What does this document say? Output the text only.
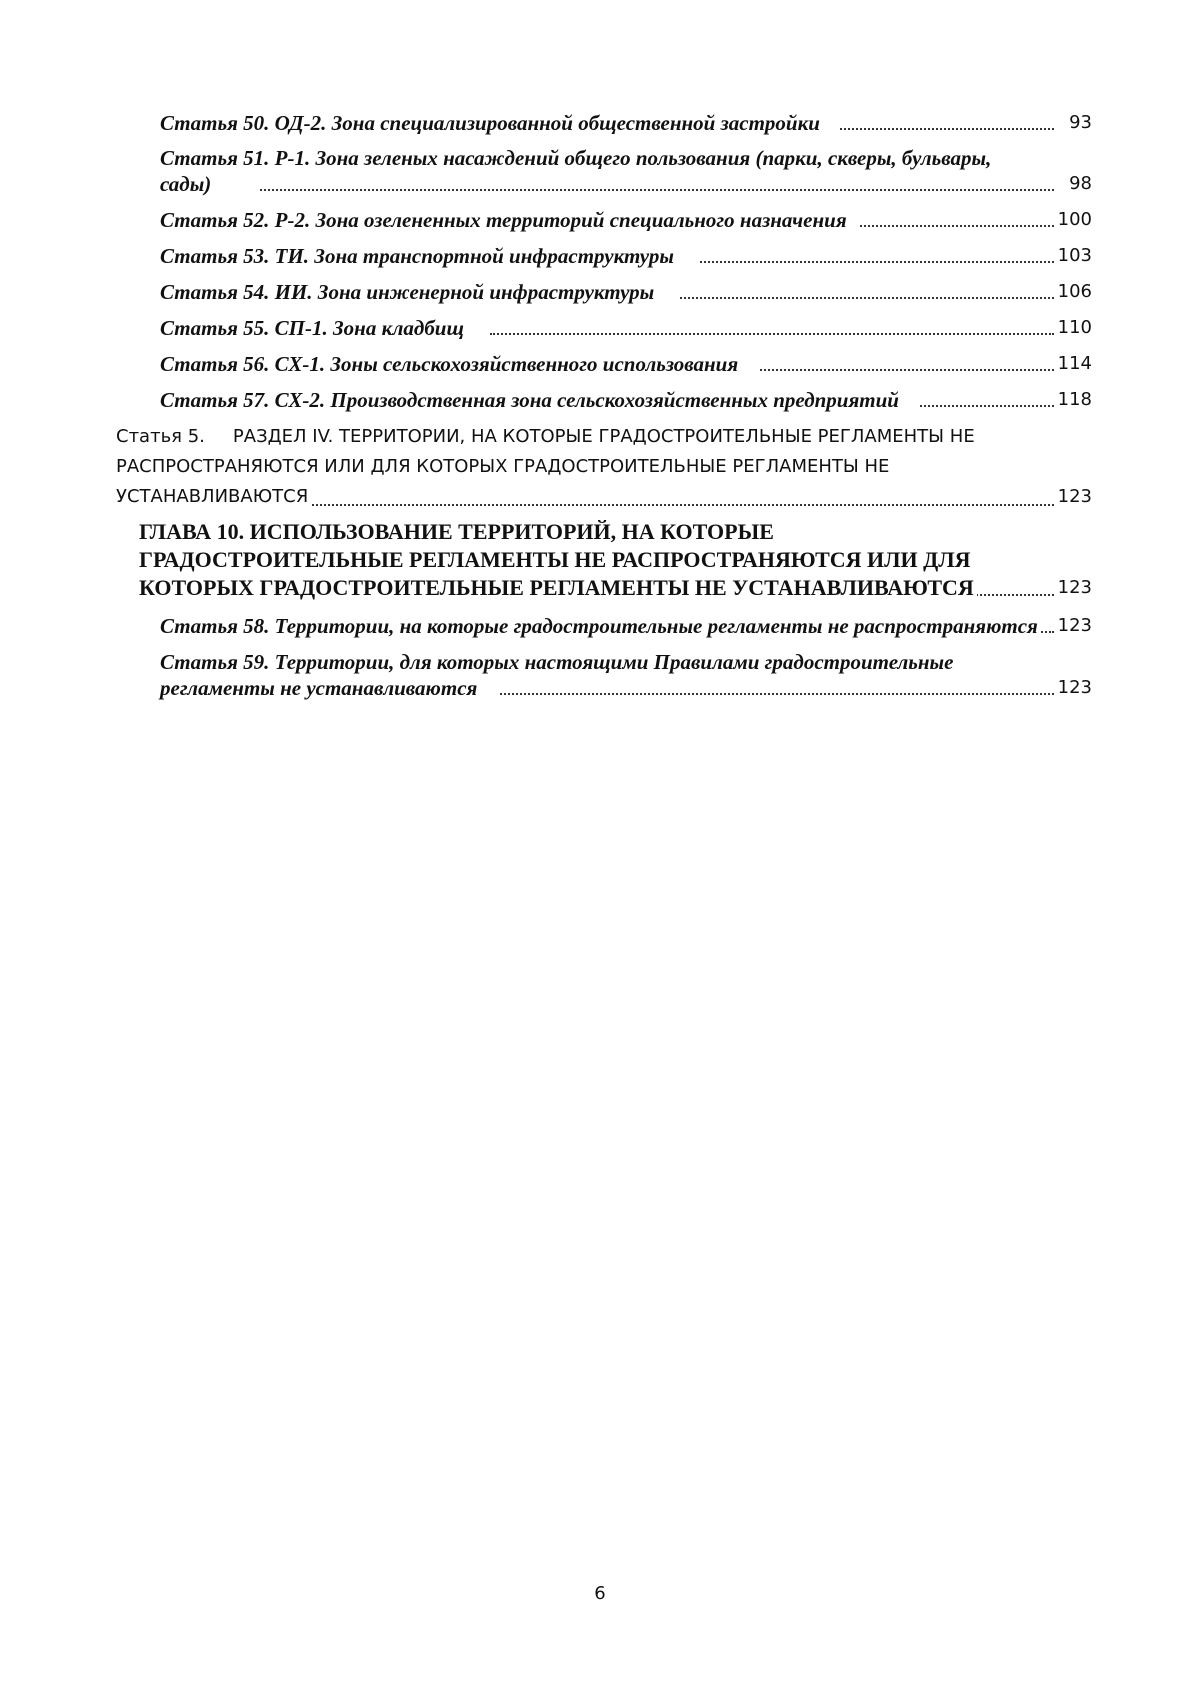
Статья 50. ОД-2. Зона специализированной общественной застройки	93
Статья 51. Р-1. Зона зеленых насаждений общего пользования (парки, скверы, бульвары, сады)	98
Статья 52. Р-2. Зона озелененных территорий специального назначения	100
Статья 53. ТИ. Зона транспортной инфраструктуры	103
Статья 54. ИИ. Зона инженерной инфраструктуры	106
Статья 55. СП-1. Зона кладбищ	110
Статья 56. СХ-1. Зоны сельскохозяйственного использования	114
Статья 57. СХ-2. Производственная зона сельскохозяйственных предприятий	118
Статья 5. РАЗДЕЛ IV. ТЕРРИТОРИИ, НА КОТОРЫЕ ГРАДОСТРОИТЕЛЬНЫЕ РЕГЛАМЕНТЫ НЕ РАСПРОСТРАНЯЮТСЯ ИЛИ ДЛЯ КОТОРЫХ ГРАДОСТРОИТЕЛЬНЫЕ РЕГЛАМЕНТЫ НЕ УСТАНАВЛИВАЮТСЯ	123
ГЛАВА 10. ИСПОЛЬЗОВАНИЕ ТЕРРИТОРИЙ, НА КОТОРЫЕ ГРАДОСТРОИТЕЛЬНЫЕ РЕГЛАМЕНТЫ НЕ РАСПРОСТРАНЯЮТСЯ ИЛИ ДЛЯ КОТОРЫХ ГРАДОСТРОИТЕЛЬНЫЕ РЕГЛАМЕНТЫ НЕ УСТАНАВЛИВАЮТСЯ	123
Статья 58. Территории, на которые градостроительные регламенты не распространяются 123
Статья 59. Территории, для которых настоящими Правилами градостроительные регламенты не устанавливаются	123
6
